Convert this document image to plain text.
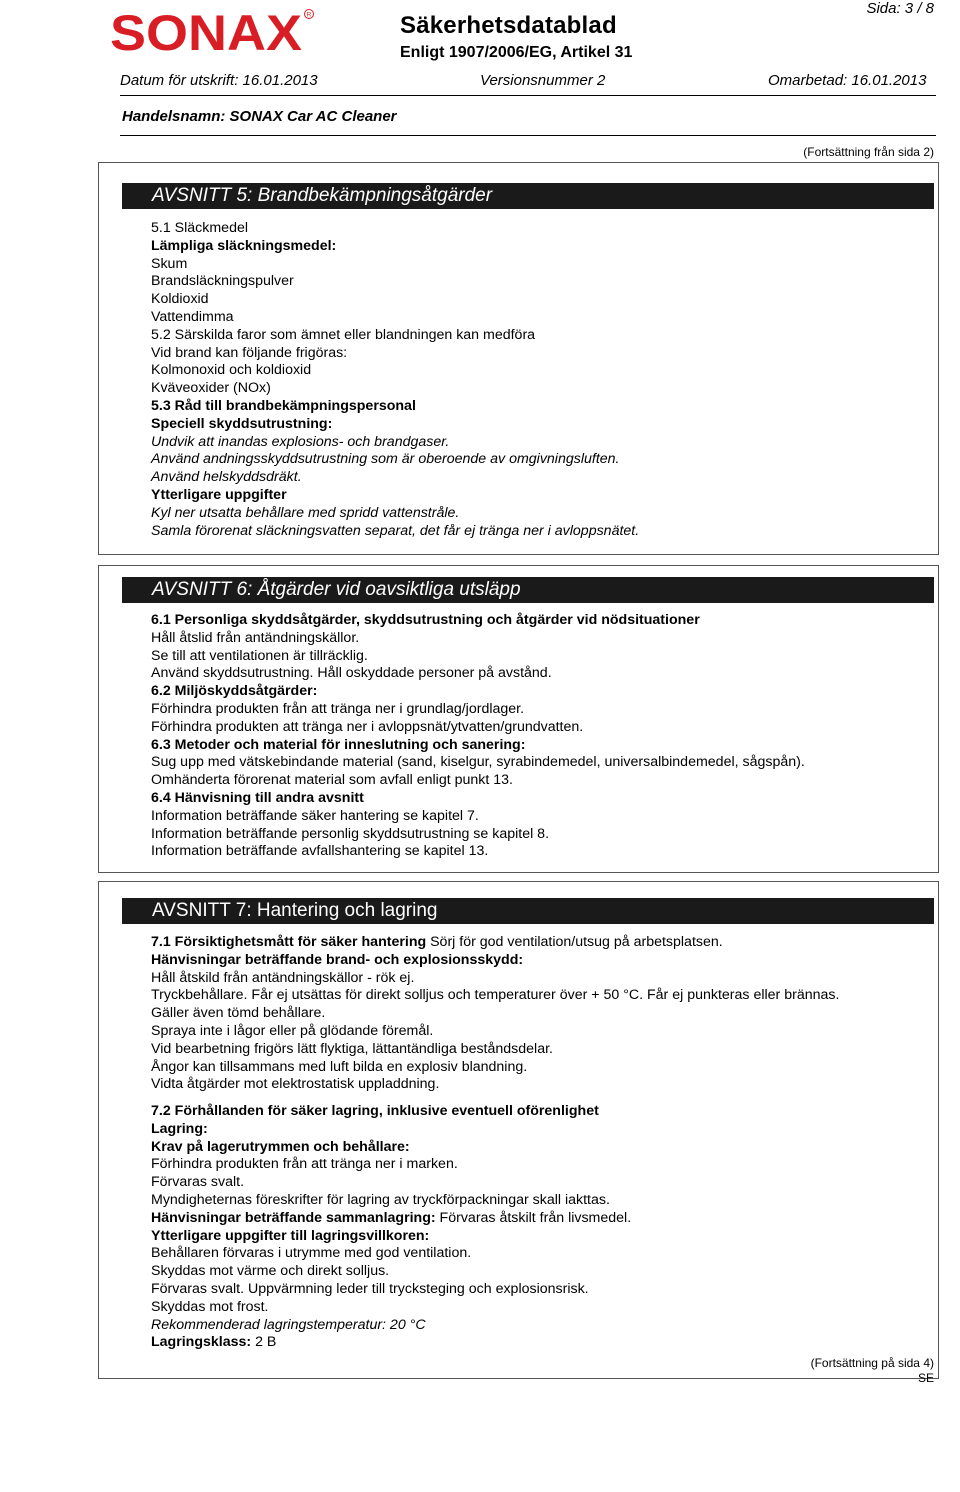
SONAX R	Sida: 3 / 8
Säkerhetsdatablad
Enligt 1907/2006/EG, Artikel 31
Datum för utskrift: 16.01.2013	Versionsnummer 2	Omarbetad: 16.01.2013
Handelsnamn: SONAX Car AC Cleaner
(Fortsättning från sida 2)
AVSNITT 5: Brandbekämpningsåtgärder
5.1 Släckmedel
Lämpliga släckningsmedel:
Skum
Brandsläckningspulver
Koldioxid
Vattendimma
5.2 Särskilda faror som ämnet eller blandningen kan medföra
Vid brand kan följande frigöras:
Kolmonoxid och koldioxid
Kväveoxider (NOx)
5.3 Råd till brandbekämpningspersonal
Speciell skyddsutrustning:
Undvik att inandas explosions- och brandgaser.
Använd andningsskyddsutrustning som är oberoende av omgivningsluften.
Använd helskyddsdräkt.
Ytterligare uppgifter
Kyl ner utsatta behållare med spridd vattenstråle.
Samla förorenat släckningsvatten separat, det får ej tränga ner i avloppsnätet.
AVSNITT 6: Åtgärder vid oavsiktliga utsläpp
6.1 Personliga skyddsåtgärder, skyddsutrustning och åtgärder vid nödsituationer
Håll åtslid från antändningskällor.
Se till att ventilationen är tillräcklig.
Använd skyddsutrustning. Håll oskyddade personer på avstånd.
6.2 Miljöskyddsåtgärder:
Förhindra produkten från att tränga ner i grundlag/jordlager.
Förhindra produkten att tränga ner i avloppsnät/ytvatten/grundvatten.
6.3 Metoder och material för inneslutning och sanering:
Sug upp med vätskebindande material (sand, kiselgur, syrabindemedel, universalbindemedel, sågspån).
Omhänderta förorenat material som avfall enligt punkt 13.
6.4 Hänvisning till andra avsnitt
Information beträffande säker hantering se kapitel 7.
Information beträffande personlig skyddsutrustning se kapitel 8.
Information beträffande avfallshantering se kapitel 13.
AVSNITT 7: Hantering och lagring
7.1 Försiktighetsmått för säker hantering Sörj för god ventilation/utsug på arbetsplatsen.
Hänvisningar beträffande brand- och explosionsskydd:
Håll åtskild från antändningskällor - rök ej.
Tryckbehållare. Får ej utsättas för direkt solljus och temperaturer över + 50 °C. Får ej punkteras eller brännas.
Gäller även tömd behållare.
Spraya inte i lågor eller på glödande föremål.
Vid bearbetning frigörs lätt flyktiga, lättantändliga beståndsdelar.
Ångor kan tillsammans med luft bilda en explosiv blandning.
Vidta åtgärder mot elektrostatisk uppladdning.
7.2 Förhållanden för säker lagring, inklusive eventuell oförenlighet
Lagring:
Krav på lagerutrymmen och behållare:
Förhindra produkten från att tränga ner i marken.
Förvaras svalt.
Myndigheternas föreskrifter för lagring av tryckförpackningar skall iakttas.
Hänvisningar beträffande sammanlagring: Förvaras åtskilt från livsmedel.
Ytterligare uppgifter till lagringsvillkoren:
Behållaren förvaras i utrymme med god ventilation.
Skyddas mot värme och direkt solljus.
Förvaras svalt. Uppvärmning leder till trycksteging och explosionsrisk.
Skyddas mot frost.
Rekommenderad lagringstemperatur: 20 °C
Lagringsklass: 2 B
(Fortsättning på sida 4)
SE
